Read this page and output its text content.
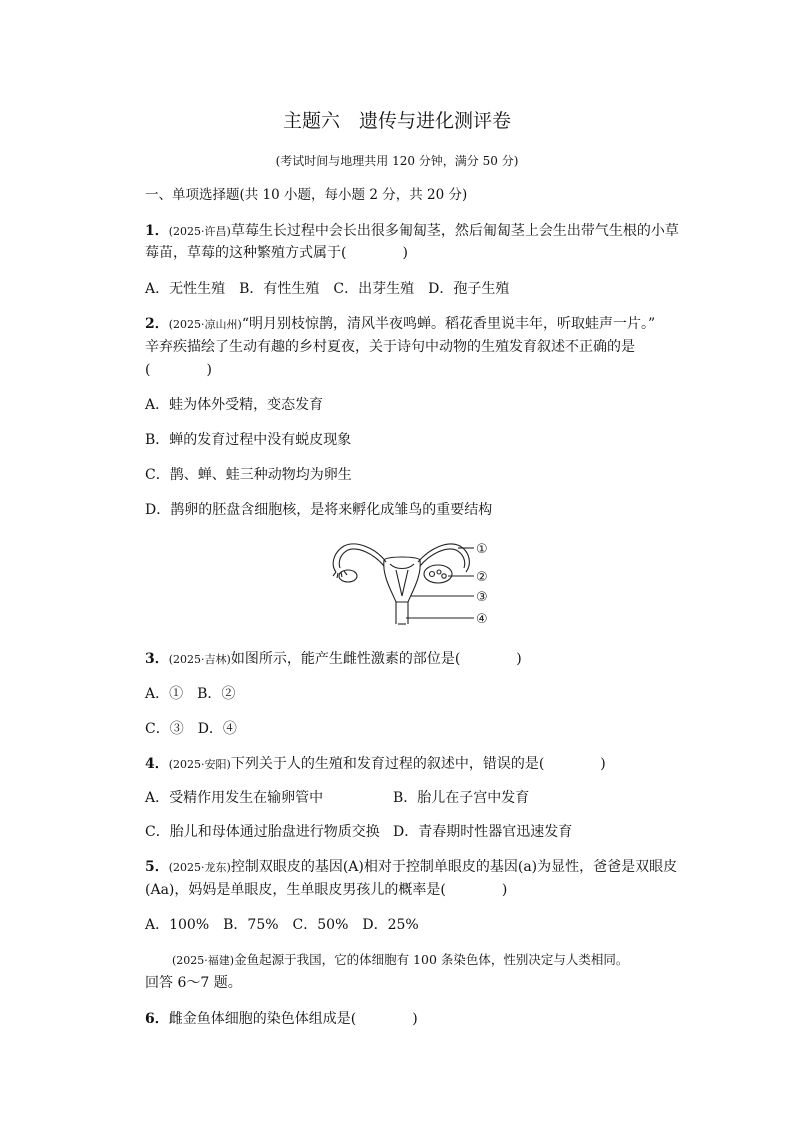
主题六　遗传与进化测评卷
(考试时间与地理共用 120 分钟，满分 50 分)
一、单项选择题(共 10 小题，每小题 2 分，共 20 分)
1．(2025·许昌)草莓生长过程中会长出很多匍匐茎，然后匍匐茎上会生出带气生根的小草
莓苗，草莓的这种繁殖方式属于(　　　　)
A．无性生殖　B．有性生殖　C．出芽生殖　D．孢子生殖
2．(2025·凉山州)“明月别枝惊鹊，清风半夜鸣蝉。稻花香里说丰年，听取蛙声一片。”
辛弃疾描绘了生动有趣的乡村夏夜，关于诗句中动物的生殖发育叙述不正确的是
(　　　　)
A．蛙为体外受精，变态发育
B．蝉的发育过程中没有蜕皮现象
C．鹊、蝉、蛙三种动物均为卵生
D．鹊卵的胚盘含细胞核，是将来孵化成雏鸟的重要结构
①
②
③
④
3．(2025·吉林)如图所示，能产生雌性激素的部位是(　　　　)
A．①　B．②
C．③　D．④
4．(2025·安阳)下列关于人的生殖和发育过程的叙述中，错误的是(　　　　)
A．受精作用发生在输卵管中	B．胎儿在子宫中发育
C．胎儿和母体通过胎盘进行物质交换 D．青春期时性器官迅速发育
5．(2025·龙东)控制双眼皮的基因(A)相对于控制单眼皮的基因(a)为显性，爸爸是双眼皮
(Aa)，妈妈是单眼皮，生单眼皮男孩儿的概率是(　　　　)
A．100%　B．75%　C．50%　D．25%
(2025·福建)金鱼起源于我国，它的体细胞有 100 条染色体，性别决定与人类相同。
回答 6～7 题。
6．雌金鱼体细胞的染色体组成是(　　　　)
